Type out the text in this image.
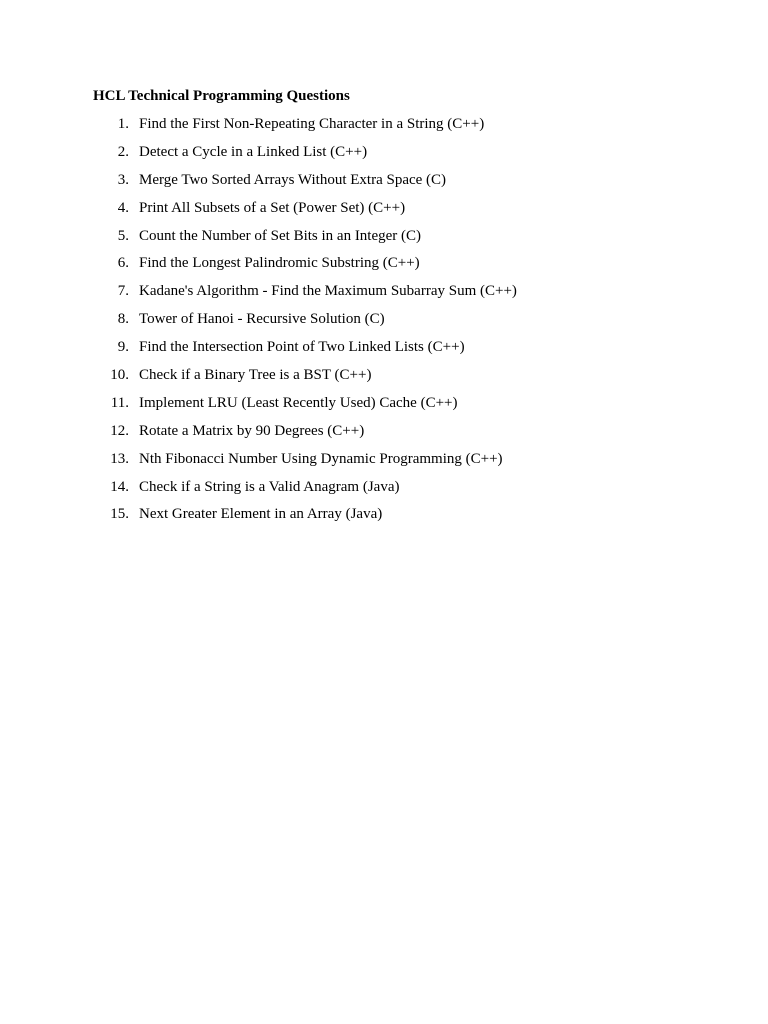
HCL Technical Programming Questions
1. Find the First Non-Repeating Character in a String (C++)
2. Detect a Cycle in a Linked List (C++)
3. Merge Two Sorted Arrays Without Extra Space (C)
4. Print All Subsets of a Set (Power Set) (C++)
5. Count the Number of Set Bits in an Integer (C)
6. Find the Longest Palindromic Substring (C++)
7. Kadane's Algorithm - Find the Maximum Subarray Sum (C++)
8. Tower of Hanoi - Recursive Solution (C)
9. Find the Intersection Point of Two Linked Lists (C++)
10. Check if a Binary Tree is a BST (C++)
11. Implement LRU (Least Recently Used) Cache (C++)
12. Rotate a Matrix by 90 Degrees (C++)
13. Nth Fibonacci Number Using Dynamic Programming (C++)
14. Check if a String is a Valid Anagram (Java)
15. Next Greater Element in an Array (Java)
